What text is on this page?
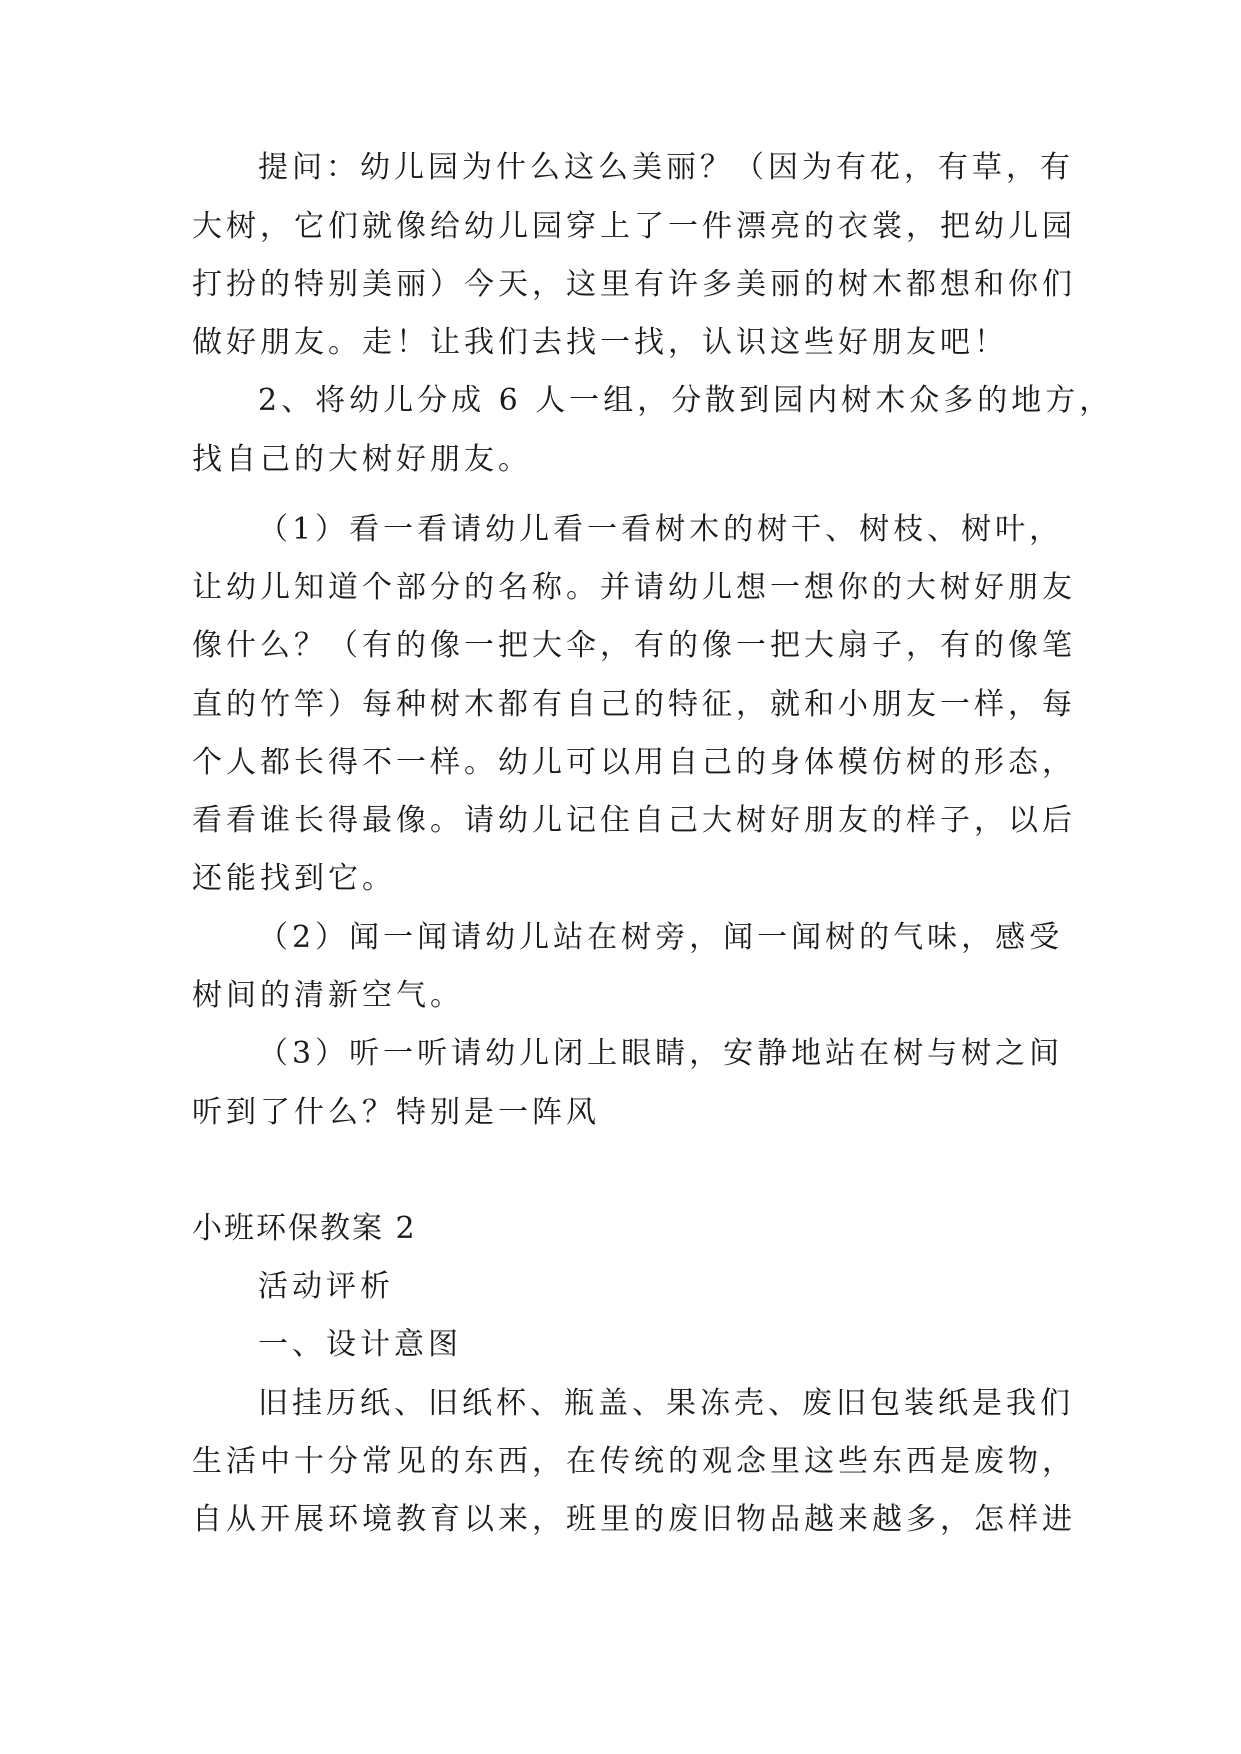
提问：幼儿园为什么这么美丽？（因为有花，有草，有
大树，它们就像给幼儿园穿上了一件漂亮的衣裳，把幼儿园
打扮的特别美丽）今天，这里有许多美丽的树木都想和你们
做好朋友。走！让我们去找一找，认识这些好朋友吧！
2、将幼儿分成 6 人一组，分散到园内树木众多的地方，
找自己的大树好朋友。
（1）看一看请幼儿看一看树木的树干、树枝、树叶，
让幼儿知道个部分的名称。并请幼儿想一想你的大树好朋友
像什么？（有的像一把大伞，有的像一把大扇子，有的像笔
直的竹竿）每种树木都有自己的特征，就和小朋友一样，每
个人都长得不一样。幼儿可以用自己的身体模仿树的形态，
看看谁长得最像。请幼儿记住自己大树好朋友的样子，以后
还能找到它。
（2）闻一闻请幼儿站在树旁，闻一闻树的气味，感受
树间的清新空气。
（3）听一听请幼儿闭上眼睛，安静地站在树与树之间
听到了什么？特别是一阵风
小班环保教案 2
活动评析
一、设计意图
旧挂历纸、旧纸杯、瓶盖、果冻壳、废旧包装纸是我们
生活中十分常见的东西，在传统的观念里这些东西是废物，
自从开展环境教育以来，班里的废旧物品越来越多，怎样进
